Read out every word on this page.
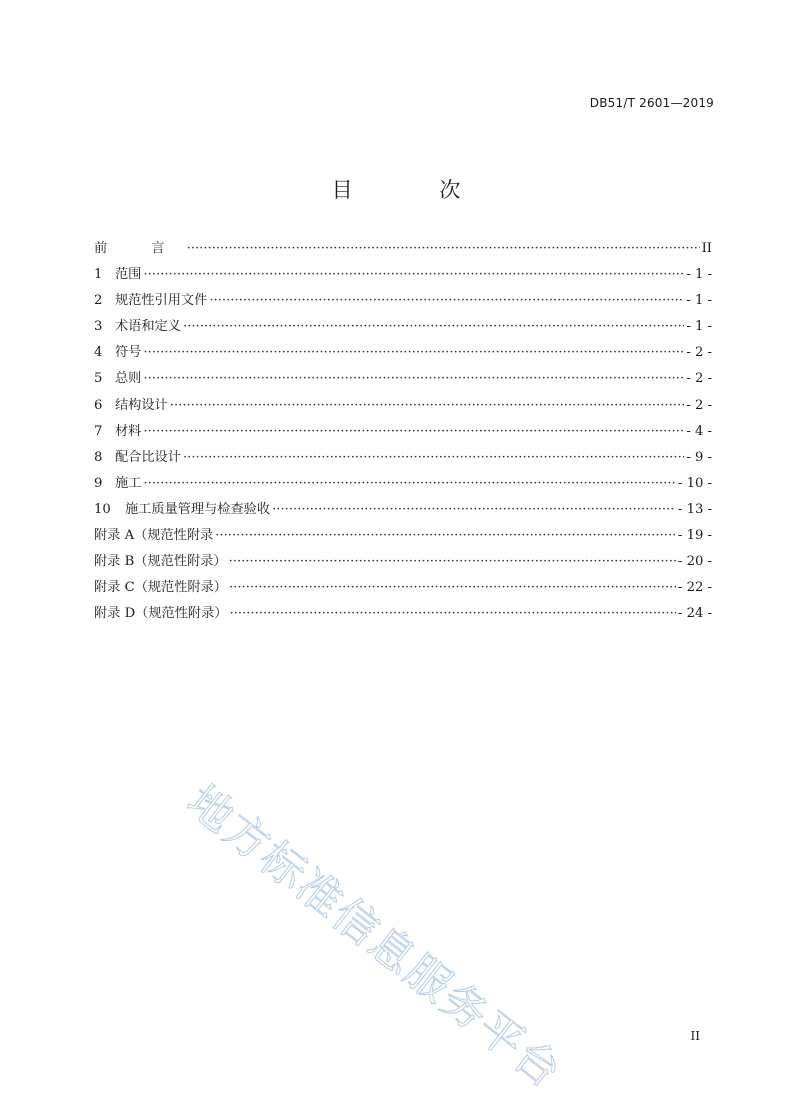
DB51/T 2601—2019
目 次
前 言 ·····	II
1 范围 ·····	- 1 -
2 规范性引用文件 ·····	- 1 -
3 术语和定义 ·····	- 1 -
4 符号 ·····	- 2 -
5 总则 ·····	- 2 -
6 结构设计 ·····	- 2 -
7 材料 ·····	- 4 -
8 配合比设计 ·····	- 9 -
9 施工 ·····	- 10 -
10	施工质量管理与检查验收 ·····	- 13 -
附录 A（规范性附录 ·····	- 19 -
附录 B（规范性附录） ·····	- 20 -
附录 C（规范性附录） ·····	- 22 -
附录 D（规范性附录） ·····	- 24 -
地方标准信息服务平台	II
